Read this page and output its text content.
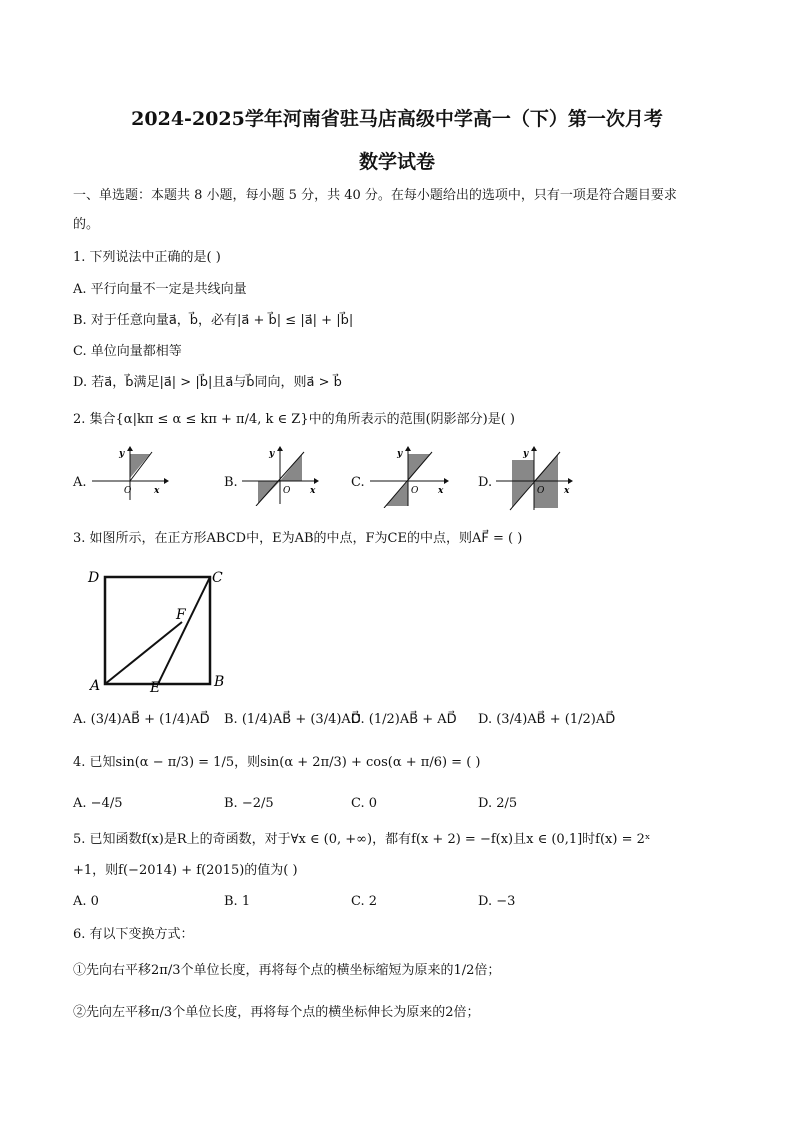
2024-2025学年河南省驻马店高级中学高一（下）第一次月考
数学试卷
一、单选题：本题共 8 小题，每小题 5 分，共 40 分。在每小题给出的选项中，只有一项是符合题目要求
的。
1. 下列说法中正确的是( )
A. 平行向量不一定是共线向量
B. 对于任意向量a⃗，b⃗，必有|a⃗ + b⃗| ≤ |a⃗| + |b⃗|
C. 单位向量都相等
D. 若a⃗，b⃗满足|a⃗| > |b⃗|且a⃗与b⃗同向，则a⃗ > b⃗
2. 集合{α|kπ ≤ α ≤ kπ + π/4, k ∈ Z}中的角所表示的范围(阴影部分)是( )
A.
y
O	x
B.
y
O x
C.
y
O x
D.
y
O x
3. 如图所示，在正方形ABCD中，E为AB的中点，F为CE的中点，则AF⃗ = ( )
D	C
F
A	E	B
A. (3/4)AB⃗ + (1/4)AD⃗ B. (1/4)AB⃗ + (3/4)AD⃗
C. (1/2)AB⃗ + AD⃗ D. (3/4)AB⃗ + (1/2)AD⃗
4. 已知sin(α − π/3) = 1/5，则sin(α + 2π/3) + cos(α + π/6) = ( )
A. −4/5	B. −2/5	C. 0	D. 2/5
5. 已知函数f(x)是R上的奇函数，对于∀x ∈ (0, +∞)，都有f(x + 2) = −f(x)且x ∈ (0,1]时f(x) = 2ˣ
+1，则f(−2014) + f(2015)的值为( )
A. 0	B. 1	C. 2	D. −3
6. 有以下变换方式：
①先向右平移2π/3个单位长度，再将每个点的横坐标缩短为原来的1/2倍；
②先向左平移π/3个单位长度，再将每个点的横坐标伸长为原来的2倍；
